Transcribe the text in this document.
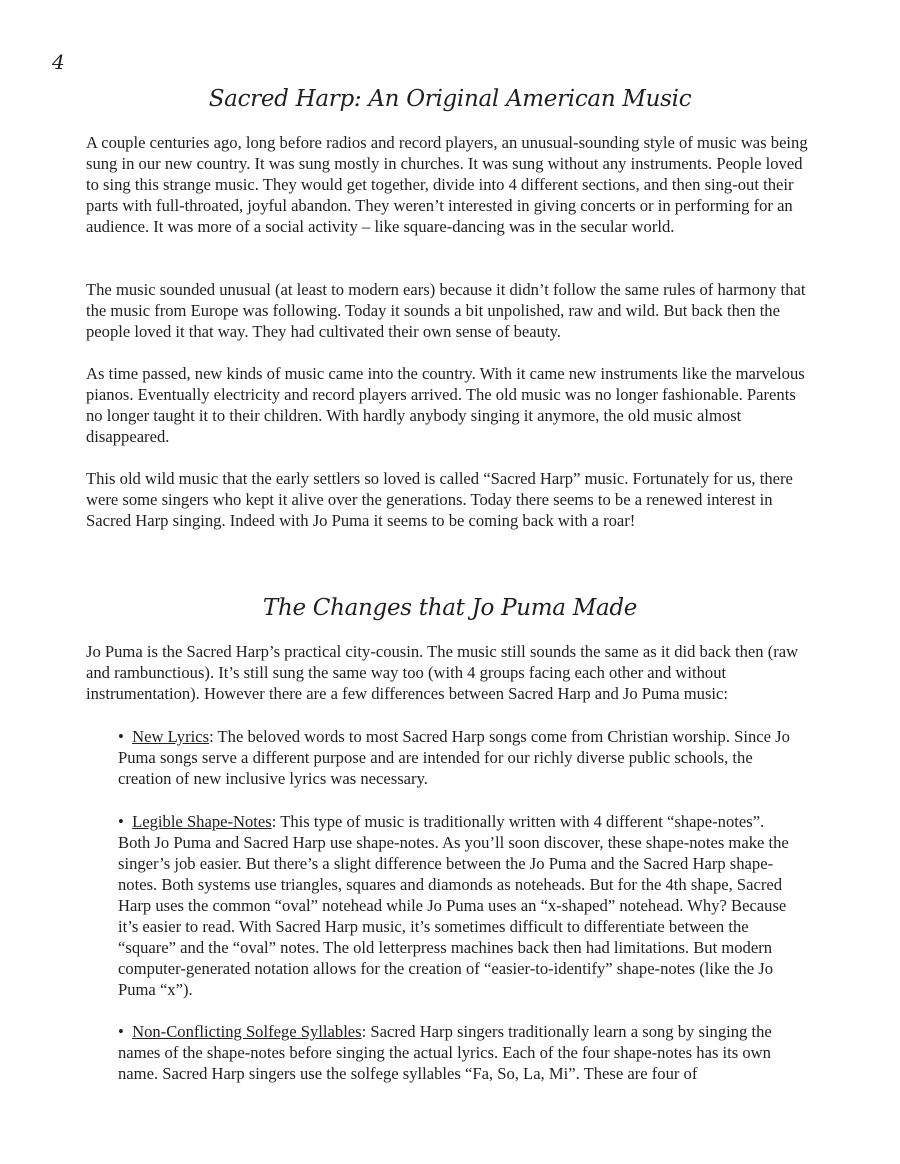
4
Sacred Harp: An Original American Music

A couple centuries ago, long before radios and record players, an unusual-sounding style of music was being sung in our new country. It was sung mostly in churches. It was sung without any instruments. People loved to sing this strange music. They would get together, divide into 4 different sections, and then sing-out their parts with full-throated, joyful abandon. They weren’t interested in giving concerts or in performing for an audience. It was more of a social activity – like square-dancing was in the secular world.

The music sounded unusual (at least to modern ears) because it didn’t follow the same rules of harmony that the music from Europe was following. Today it sounds a bit unpolished, raw and wild. But back then the people loved it that way. They had cultivated their own sense of beauty.

As time passed, new kinds of music came into the country. With it came new instruments like the marvelous pianos. Eventually electricity and record players arrived. The old music was no longer fashionable. Parents no longer taught it to their children. With hardly anybody singing it anymore, the old music almost disappeared.

This old wild music that the early settlers so loved is called “Sacred Harp” music. Fortunately for us, there were some singers who kept it alive over the generations. Today there seems to be a renewed interest in Sacred Harp singing. Indeed with Jo Puma it seems to be coming back with a roar!

The Changes that Jo Puma Made

Jo Puma is the Sacred Harp’s practical city-cousin. The music still sounds the same as it did back then (raw and rambunctious). It’s still sung the same way too (with 4 groups facing each other and without instrumentation). However there are a few differences between Sacred Harp and Jo Puma music:

• New Lyrics: The beloved words to most Sacred Harp songs come from Christian worship. Since Jo Puma songs serve a different purpose and are intended for our richly diverse public schools, the creation of new inclusive lyrics was necessary.

• Legible Shape-Notes: This type of music is traditionally written with 4 different “shape-notes”. Both Jo Puma and Sacred Harp use shape-notes. As you’ll soon discover, these shape-notes make the singer’s job easier. But there’s a slight difference between the Jo Puma and the Sacred Harp shape-notes. Both systems use triangles, squares and diamonds as noteheads. But for the 4th shape, Sacred Harp uses the common “oval” notehead while Jo Puma uses an “x-shaped” notehead. Why? Because it’s easier to read. With Sacred Harp music, it’s sometimes difficult to differentiate between the “square” and the “oval” notes. The old letterpress machines back then had limitations. But modern computer-generated notation allows for the creation of “easier-to-identify” shape-notes (like the Jo Puma “x”).

• Non-Conflicting Solfege Syllables: Sacred Harp singers traditionally learn a song by singing the names of the shape-notes before singing the actual lyrics. Each of the four shape-notes has its own name. Sacred Harp singers use the solfege syllables “Fa, So, La, Mi”. These are four of
